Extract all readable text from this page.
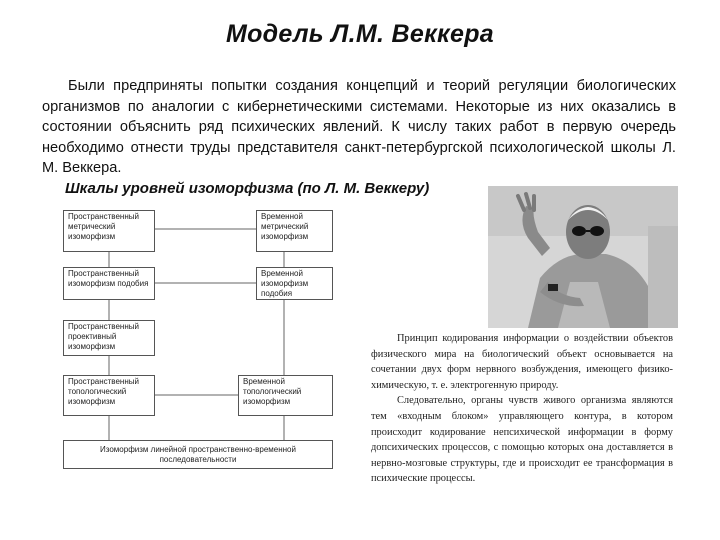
Модель Л.М. Веккера

Были предприняты попытки создания концепций и теорий регуляции биологических организмов по аналогии с кибернетическими системами. Некоторые из них оказались в состоянии объяснить ряд психических явлений. К числу таких работ в первую очередь необходимо отнести труды представителя санкт-петербургской психологической школы Л. М. Веккера.

Шкалы уровней изоморфизма (по Л. М. Веккеру)
Пространственный метрический изоморфизм
Пространственный изоморфизм подобия
Пространственный проективный изоморфизм
Пространственный топологический изоморфизм
Временной метрический изоморфизм
Временной изоморфизм подобия
Временной топологический изоморфизм
Изоморфизм линейной пространственно-временной последовательности

Принцип кодирования информации о воздействии объектов физического мира на биологический объект основывается на сочетании двух форм нервного возбуждения, имеющего физико-химическую, т. е. электрогенную природу.

Следовательно, органы чувств живого организма являются тем «входным блоком» управляющего контура, в котором происходит кодирование непсихической информации в форму допсихических процессов, с помощью которых она доставляется в нервно-мозговые структуры, где и происходит ее трансформация в психические процессы.
